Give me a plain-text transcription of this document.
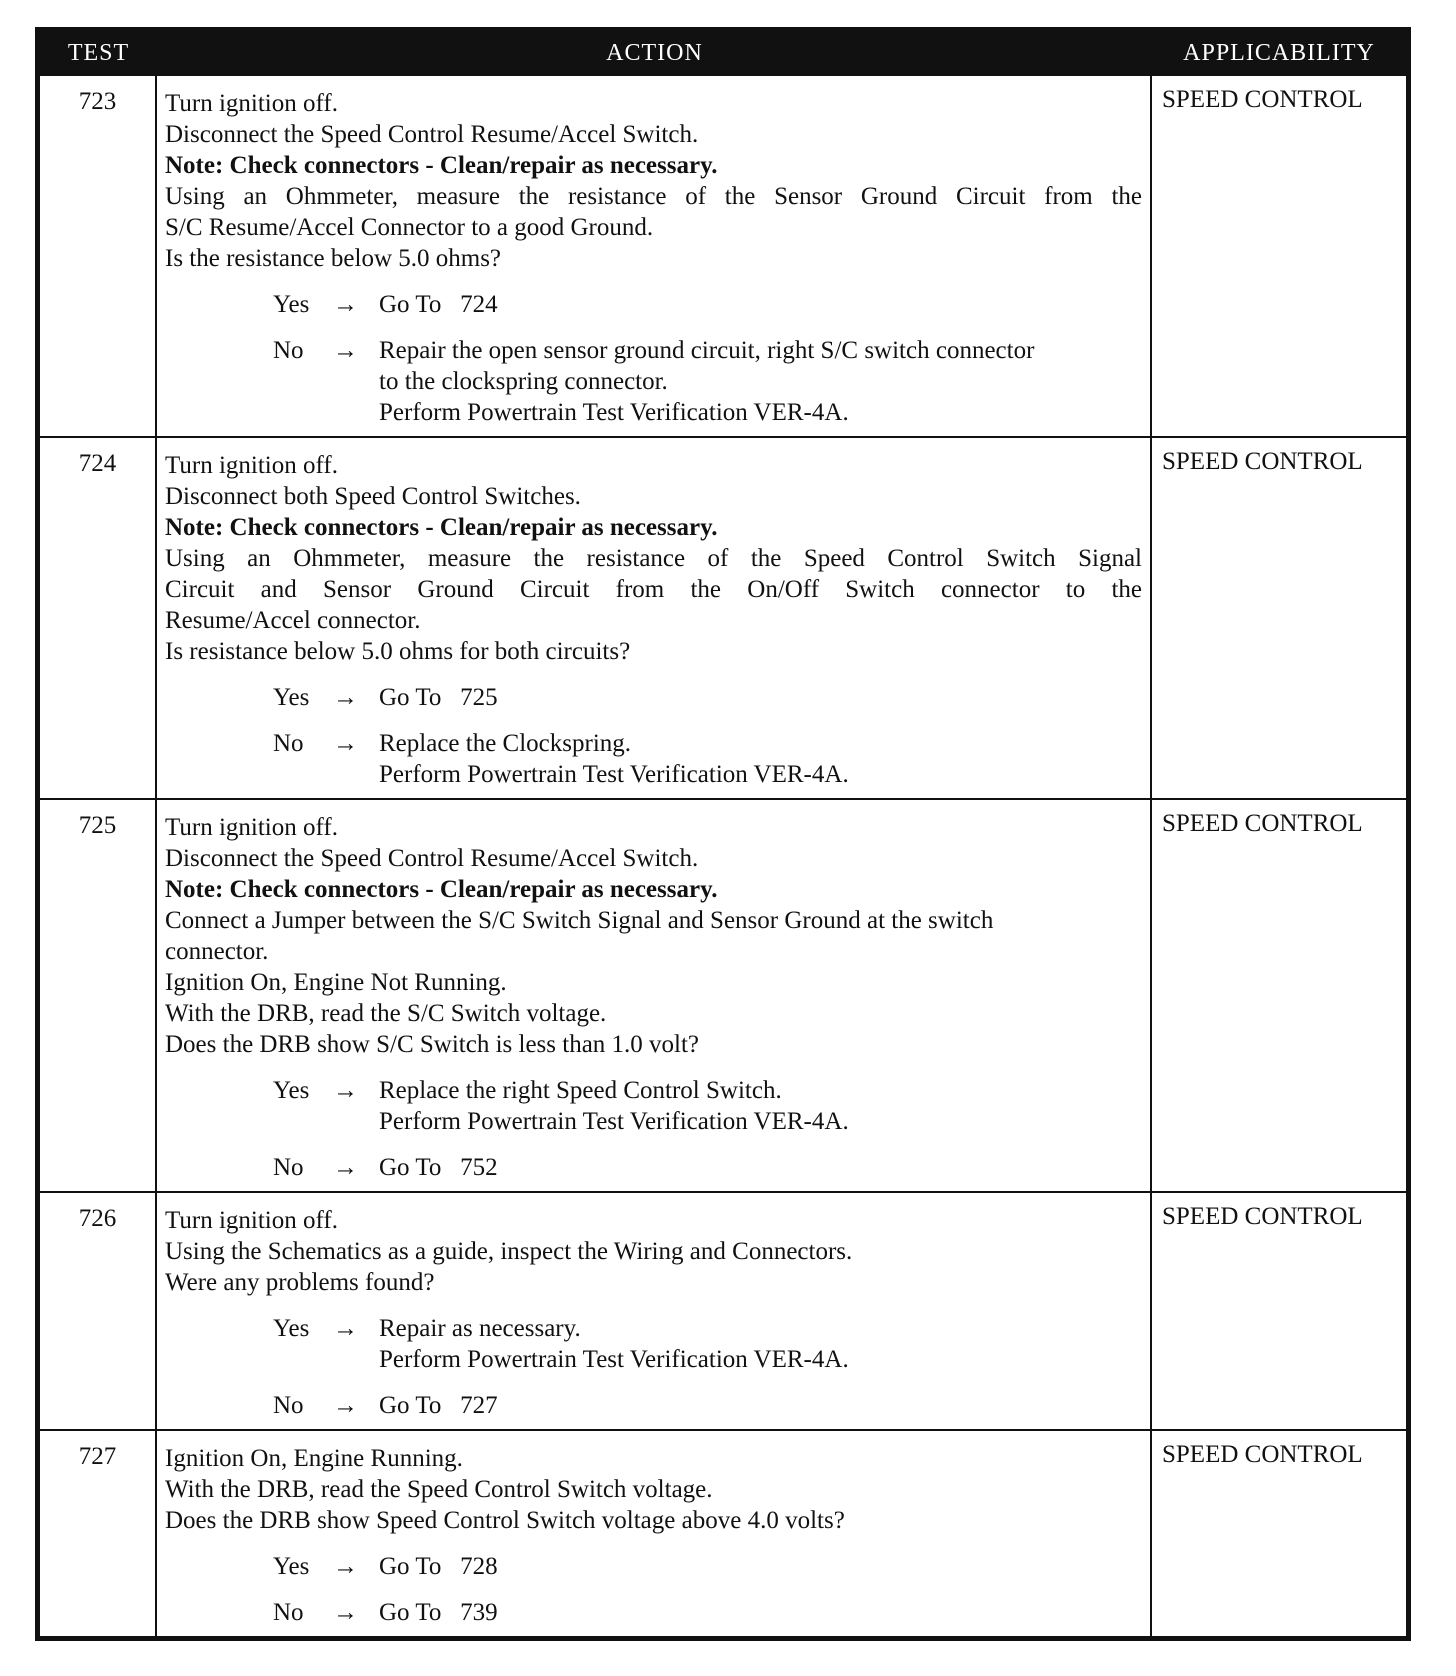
TEST	ACTION	APPLICABILITY
723	Turn ignition off.
Disconnect the Speed Control Resume/Accel Switch.
Note: Check connectors - Clean/repair as necessary.
Using an Ohmmeter, measure the resistance of the Sensor Ground Circuit from the
S/C Resume/Accel Connector to a good Ground.
Is the resistance below 5.0 ohms?
Yes → Go To   724
No	→ Repair the open sensor ground circuit, right S/C switch connector
to the clockspring connector.
Perform Powertrain Test Verification VER-4A.
SPEED CONTROL
724	Turn ignition off.
Disconnect both Speed Control Switches.
Note: Check connectors - Clean/repair as necessary.
Using an Ohmmeter, measure the resistance of the Speed Control Switch Signal
Circuit and Sensor Ground Circuit from the On/Off Switch connector to the
Resume/Accel connector.
Is resistance below 5.0 ohms for both circuits?
Yes → Go To   725
No	→ Replace the Clockspring.
Perform Powertrain Test Verification VER-4A.
SPEED CONTROL
725	Turn ignition off.
Disconnect the Speed Control Resume/Accel Switch.
Note: Check connectors - Clean/repair as necessary.
Connect a Jumper between the S/C Switch Signal and Sensor Ground at the switch
connector.
Ignition On, Engine Not Running.
With the DRB, read the S/C Switch voltage.
Does the DRB show S/C Switch is less than 1.0 volt?
Yes → Replace the right Speed Control Switch.
Perform Powertrain Test Verification VER-4A.
No	→ Go To   752
SPEED CONTROL
726	Turn ignition off.
Using the Schematics as a guide, inspect the Wiring and Connectors.
Were any problems found?
Yes → Repair as necessary.
Perform Powertrain Test Verification VER-4A.
No	→ Go To   727
SPEED CONTROL
727	Ignition On, Engine Running.
With the DRB, read the Speed Control Switch voltage.
Does the DRB show Speed Control Switch voltage above 4.0 volts?
Yes → Go To   728
No	→ Go To   739
SPEED CONTROL
